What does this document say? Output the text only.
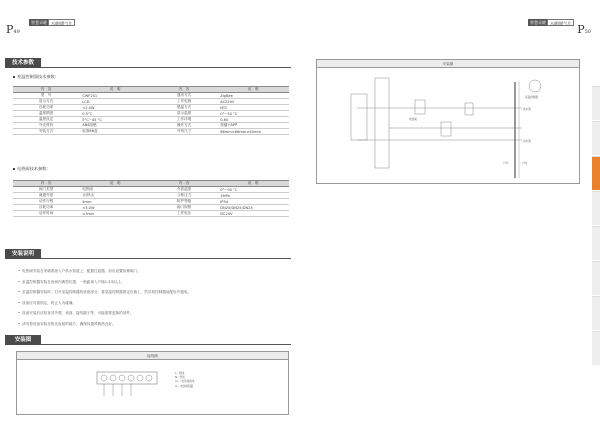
P49
智慧采暖	水暖/暖气片
技术参数
室温控制器技术参数:
内　容	说　明	内　容	说　明
型　号	CWF201	通讯方式	ZigBee
显示方式	LCD	工作电源	AC220V
自耗功率	<2.0W	感温方式	NTC
温度精度	0.5°C	显示温度	0°~50 °C
温度设定	5°C~45 °C	工作环境	0-60
外壳材料	ABS阻燃	操作方式	按键+APP
安装方式	标准86盒	外形尺寸	86mm×86mm×40mm
电热阀技术参数:
内　容	说　明	内　容	说　明
阀门类型	电热阀	介质温度	0°~90 °C
流通介质	水/热水	公称压力	1MPa
动作行程	4mm	防护等级	IP54
自耗功率	<3.0W	阀门规格	DN20/DN25/DN25
动作时间	<3min	工作电压	DC24V
安装说明
• 电热阀安装在采暖系统入户供水管道上，配置过滤器，前后设置检修阀门。
• 室温控制器安装在房间内典型位置，一般距离入户墙1.5米以上。
• 室温控制器安装时，打开室温控制器的底座部分，将室温控制器固定在墙上，然后将控制器装配好并通电。
• 设备应可靠固定，防止人为碰撞。
• 设备安装后应检查其外观、表面、接线端子等，可能需要更换的部件。
• 请勿将设备安装在阳光直射的地方，确保其通风散热良好。
安装图
接线图
L - 相线
N - 零线
V+ - 电热阀供电
V- - 电热阀回路
智慧采暖	水暖/暖气片 P50
安装图
电热阀
供水管
回水管
室温控制器
户外	户内
